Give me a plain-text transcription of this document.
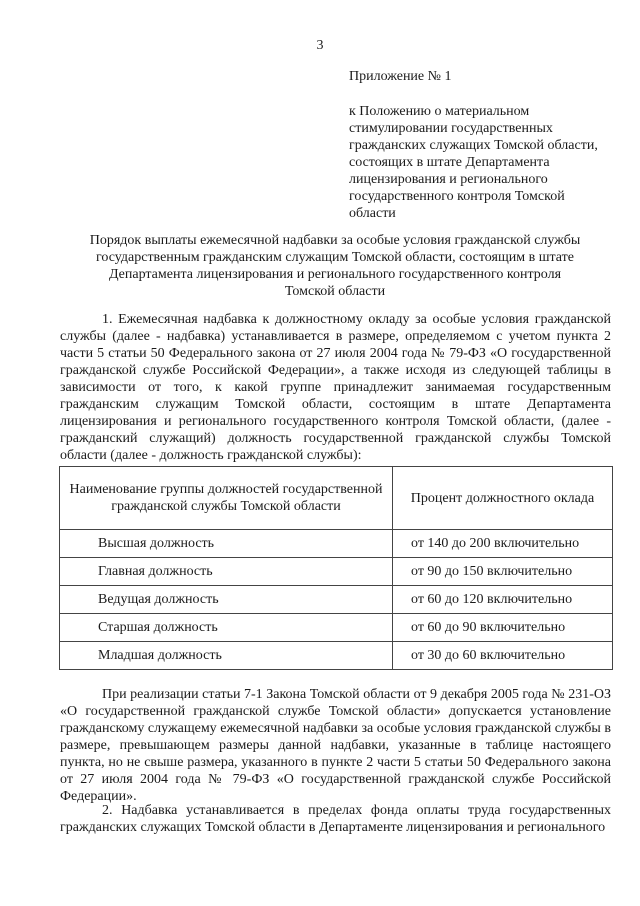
3
Приложение № 1
к Положению о материальном
стимулировании государственных
гражданских служащих Томской области,
состоящих в штате Департамента
лицензирования и регионального
государственного контроля Томской
области
Порядок выплаты ежемесячной надбавки за особые условия гражданской службы
государственным гражданским служащим Томской области, состоящим в штате
Департамента лицензирования и регионального государственного контроля
Томской области

1. Ежемесячная надбавка к должностному окладу за особые условия гражданской службы (далее - надбавка) устанавливается в размере, определяемом с учетом пункта 2 части 5 статьи 50 Федерального закона от 27 июля 2004 года № 79-ФЗ «О государственной гражданской службе Российской Федерации», а также исходя из следующей таблицы в зависимости от того, к какой группе принадлежит занимаемая государственным гражданским служащим Томской области, состоящим в штате Департамента лицензирования и регионального государственного контроля Томской области, (далее - гражданский служащий) должность государственной гражданской службы Томской области (далее - должность гражданской службы):

Наименование группы должностей государственной гражданской службы Томской области	Процент должностного оклада
Высшая должность	от 140 до 200 включительно
Главная должность	от 90 до 150 включительно
Ведущая должность	от 60 до 120 включительно
Старшая должность	от 60 до 90 включительно
Младшая должность	от 30 до 60 включительно

При реализации статьи 7-1 Закона Томской области от 9 декабря 2005 года № 231-ОЗ «О государственной гражданской службе Томской области» допускается установление гражданскому служащему ежемесячной надбавки за особые условия гражданской службы в размере, превышающем размеры данной надбавки, указанные в таблице настоящего пункта, но не свыше размера, указанного в пункте 2 части 5 статьи 50 Федерального закона от 27 июля 2004 года № 79-ФЗ «О государственной гражданской службе Российской Федерации».

2. Надбавка устанавливается в пределах фонда оплаты труда государственных гражданских служащих Томской области в Департаменте лицензирования и регионального
